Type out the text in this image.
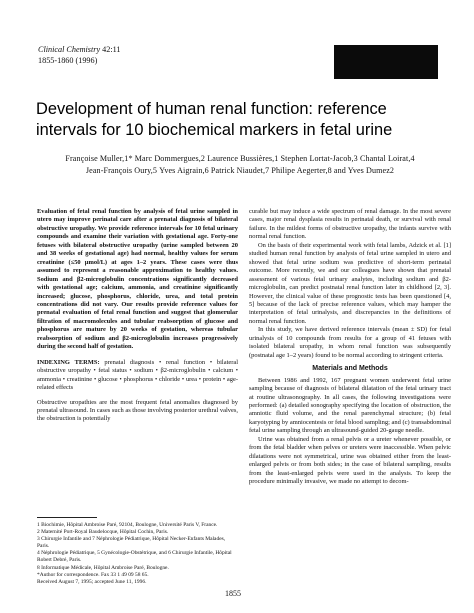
Clinical Chemistry 42:11
1855-1860 (1996)
Development of human renal function: reference intervals for 10 biochemical markers in fetal urine
Françoise Muller,1* Marc Dommergues,2 Laurence Bussières,1 Stephen Lortat-Jacob,3 Chantal Loirat,4 Jean-François Oury,5 Yves Aigrain,6 Patrick Niaudet,7 Philipe Aegerter,8 and Yves Dumez2

Evaluation of fetal renal function by analysis of fetal urine sampled in utero may improve perinatal care after a prenatal diagnosis of bilateral obstructive uropathy. We provide reference intervals for 10 fetal urinary compounds and examine their variation with gestational age. Forty-one fetuses with bilateral obstructive uropathy (urine sampled between 20 and 38 weeks of gestational age) had normal, healthy values for serum creatinine (≤50 µmol/L) at ages 1–2 years. These cases were thus assumed to represent a reasonable approximation to healthy values. Sodium and β2-microglobulin concentrations significantly decreased with gestational age; calcium, ammonia, and creatinine significantly increased; glucose, phosphorus, chloride, urea, and total protein concentrations did not vary. Our results provide reference values for prenatal evaluation of fetal renal function and suggest that glomerular filtration of macromolecules and tubular reabsorption of glucose and phosphorus are mature by 20 weeks of gestation, whereas tubular reabsorption of sodium and β2-microglobulin increases progressively during the second half of gestation.

INDEXING TERMS: prenatal diagnosis • renal function • bilateral obstructive uropathy • fetal status • sodium • β2-microglobulin • calcium • ammonia • creatinine • glucose • phosphorus • chloride • urea • protein • age-related effects

Obstructive uropathies are the most frequent fetal anomalies diagnosed by prenatal ultrasound. In cases such as those involving posterior urethral valves, the obstruction is potentially

1 Biochimie, Hôpital Ambroise Paré, 92104, Boulogne, Université Paris V, France.

2 Maternité Port-Royal Baudelocque, Hôpital Cochin, Paris.

3 Chirurgie Infantile and 7 Néphrologie Pédiatrique, Hôpital Necker-Enfants Malades, Paris.

4 Néphrologie Pédiatrique, 5 Gynécologie-Obstétrique, and 6 Chirurgie Infantile, Hôpital Robert Debré, Paris.

8 Informatique Médicale, Hôpital Ambroise Paré, Boulogne.

*Author for correspondence. Fax 33 1 49 09 58 65.

Received August 7, 1995; accepted June 11, 1996.

curable but may induce a wide spectrum of renal damage. In the most severe cases, major renal dysplasia results in perinatal death, or survival with renal failure. In the mildest forms of obstructive uropathy, the infants survive with normal renal function.

On the basis of their experimental work with fetal lambs, Adzick et al. [1] studied human renal function by analysis of fetal urine sampled in utero and showed that fetal urine sodium was predictive of short-term perinatal outcome. More recently, we and our colleagues have shown that prenatal assessment of various fetal urinary analytes, including sodium and β2-microglobulin, can predict postnatal renal function later in childhood [2, 3]. However, the clinical value of these prognostic tests has been questioned [4, 5] because of the lack of precise reference values, which may hamper the interpretation of fetal urinalysis, and discrepancies in the definitions of normal renal function.

In this study, we have derived reference intervals (mean ± SD) for fetal urinalysis of 10 compounds from results for a group of 41 fetuses with isolated bilateral uropathy, in whom renal function was subsequently (postnatal age 1–2 years) found to be normal according to stringent criteria.

Materials and Methods

Between 1986 and 1992, 167 pregnant women underwent fetal urine sampling because of diagnosis of bilateral dilatation of the fetal urinary tract at routine ultrasonography. In all cases, the following investigations were performed: (a) detailed sonography specifying the location of obstruction, the amniotic fluid volume, and the renal parenchymal structure; (b) fetal karyotyping by amniocentesis or fetal blood sampling; and (c) transabdominal fetal urine sampling through an ultrasound-guided 20-gauge needle.

Urine was obtained from a renal pelvis or a ureter whenever possible, or from the fetal bladder when pelves or ureters were inaccessible. When pelvic dilatations were not symmetrical, urine was obtained either from the least-enlarged pelvis or from both sides; in the case of bilateral sampling, results from the least-enlarged pelvis were used in the analysis. To keep the procedure minimally invasive, we made no attempt to decom-

1855
